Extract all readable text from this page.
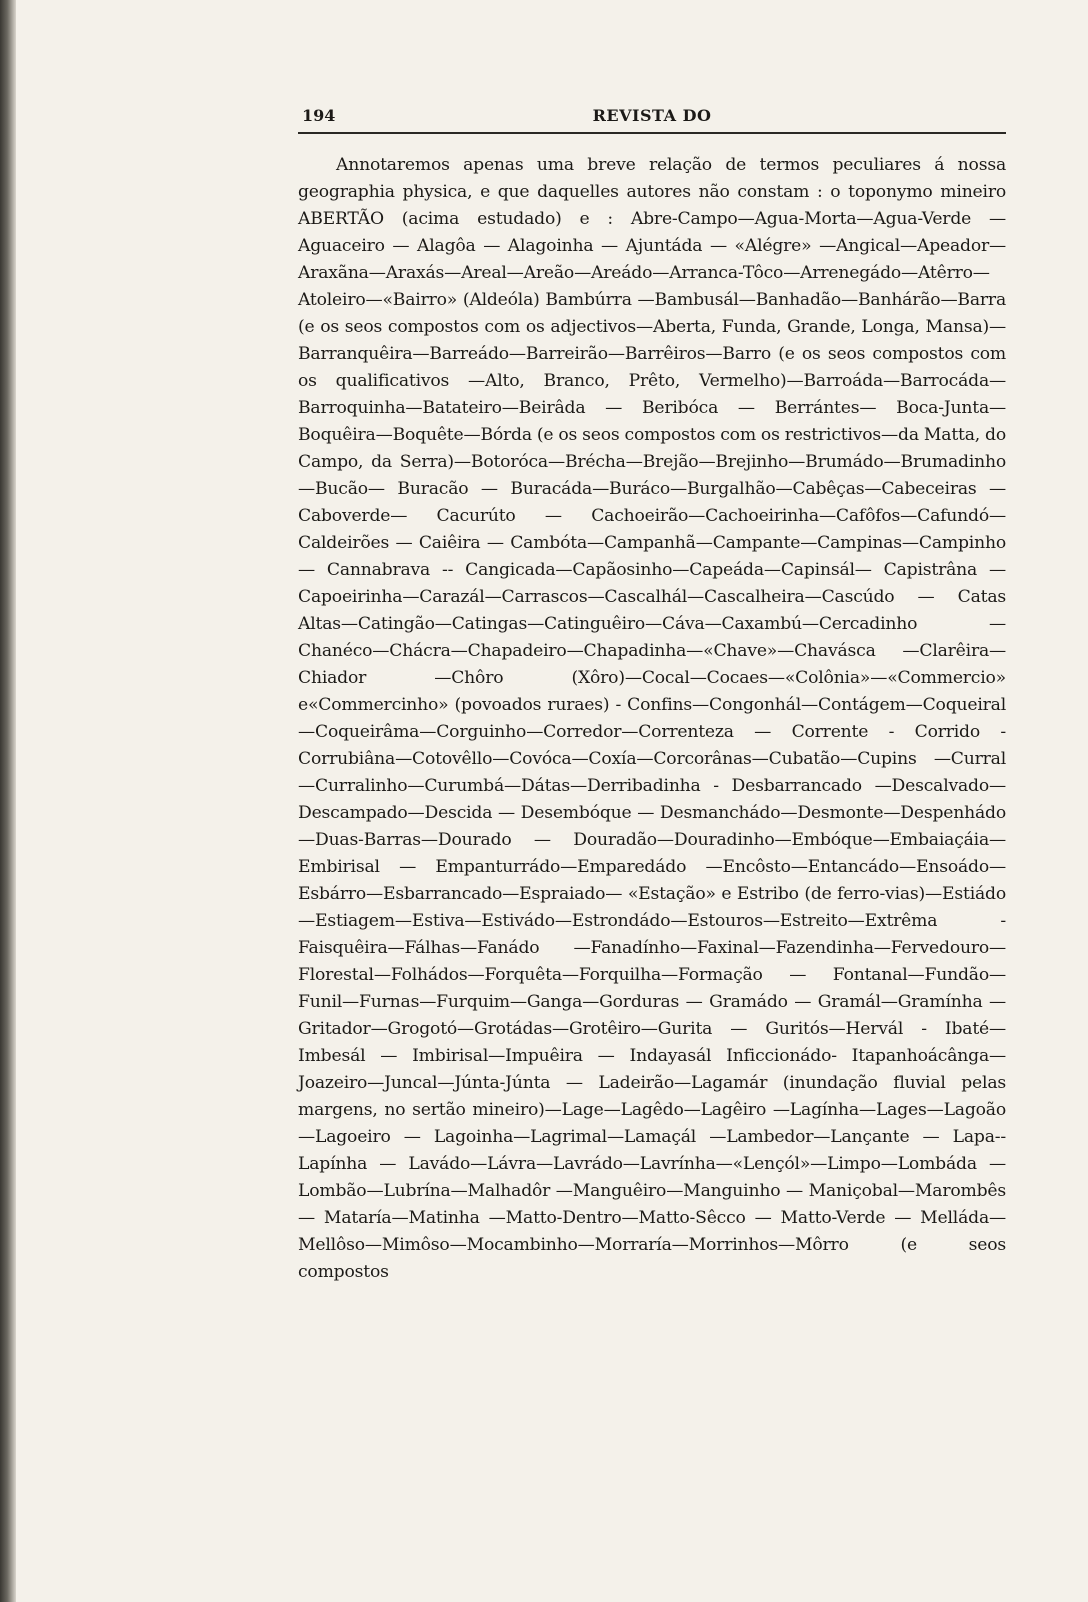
194	REVISTA DO

Annotaremos apenas uma breve relação de termos peculiares á nossa geographia physica, e que daquelles autores não constam : o toponymo mineiro ABERTÃO (acima estudado) e : Abre-Campo—Agua-Morta—Agua-Verde — Aguaceiro — Alagôa — Alagoinha — Ajuntáda — «Alégre» —Angical—Apeador—Araxãna—Araxás—Areal—Areão—Areádo—Arranca-Tôco—Arrenegádo—Atêrro—Atoleiro—«Bairro» (Aldeóla) Bambúrra —Bambusál—Banhadão—Banhárão—Barra (e os seos compostos com os adjectivos—Aberta, Funda, Grande, Longa, Mansa)—Barranquêira—Barreádo—Barreirão—Barrêiros—Barro (e os seos compostos com os qualificativos —Alto, Branco, Prêto, Vermelho)—Barroáda—Barrocáda—Barroquinha—Batateiro—Beirâda — Beribóca — Berrántes— Boca-Junta—Boquêira—Boquête—Bórda (e os seos compostos com os restrictivos—da Matta, do Campo, da Serra)—Botoróca—Bréchа—Brejão—Brejinho—Brumádo—Brumadinho—Bucão— Buracão — Buracáda—Burácо—Burgalhão—Cabêças—Cabeceiras — Caboverde— Cacurúto — Cachoeirão—Cachoeirinha—Cafôfos—Cafundó—Caldeirões — Caiêira — Cambóta—Campanhã—Campante—Campinas—Campinho — Cannabrava -- Cangicada—Capãosinho—Capeáda—Capinsál— Capistrâna — Capoeirinha—Carazál—Carrascos—Cascalhál—Cascalheira—Cascúdo — Catas Altas—Catingão—Catingas—Catinguêiro—Cáva—Caxambú—Cercadinho — Chanéco—Chácra—Chapadeiro—Chapadinha—«Chave»—Chavásca —Clarêira—Chiador —Chôro (Xôro)—Cocal—Cocaes—«Colônia»—«Commercio» e«Commercinho» (povoados ruraes) - Confins—Congonhál—Contágem—Coqueiral—Coqueirâma—Corguinho—Corredor—Correnteza — Corrente - Corrido - Corrubiâna—Cotovêllo—Covóca—Coxía—Corcorânas—Cubatão—Cupins —Curral—Curralinho—Curumbá—Dátas—Derribadinha - Desbarrancado —Descalvado—Descampado—Descida — Desembóque — Desmanchádo—Desmonte—Despenhádo—Duas-Barras—Dourado — Douradão—Douradinho—Embóque—Embaiaçáia—Embirisal — Empanturrádo—Emparedádo —Encôsto—Entancádo—Ensoádo—Esbárro—Esbarrancado—Espraiado— «Estação» e Estribo (de ferro-vias)—Estiádo—Estiagem—Estiva—Estivádo—Estrondádo—Estouros—Estreito—Extrêma - Faisquêira—Fálhas—Fanádo —Fanadínho—Faxinal—Fazendinha—Fervedouro—Florestal—Folhádos—Forquêta—Forquilha—Formação — Fontanal—Fundão—Funil—Furnas—Furquim—Ganga—Gorduras — Gramádo — Gramál—Gramínha —Gritador—Grogotó—Grotádas—Grotêiro—Gurita — Guritós—Hervál - Ibaté—Imbesál — Imbirisal—Impuêira — Indayasál Inficcionádo- Itapanhoácânga—Joazeiro—Juncal—Júnta-Júnta — Ladeirão—Lagamár (inundação fluvial pelas margens, no sertão mineiro)—Lage—Lagêdo—Lagêiro —Lagínha—Lages—Lagoão—Lagoeiro — Lagoinha—Lagrimal—Lamaçál —Lambedor—Lançante — Lapa--Lapínha — Lavádo—Lávra—Lavrádo—Lavrínha—«Lençól»—Limpo—Lombáda — Lombão—Lubrína—Malhadôr —Manguêiro—Manguinho — Maniçobal—Marombês — Mataría—Matinha —Matto-Dentro—Matto-Sêcco — Matto-Verde — Melláda—Mellôso—Mimôso—Mocambinho—Morraría—Morrinhos—Môrro (e seos compostos
